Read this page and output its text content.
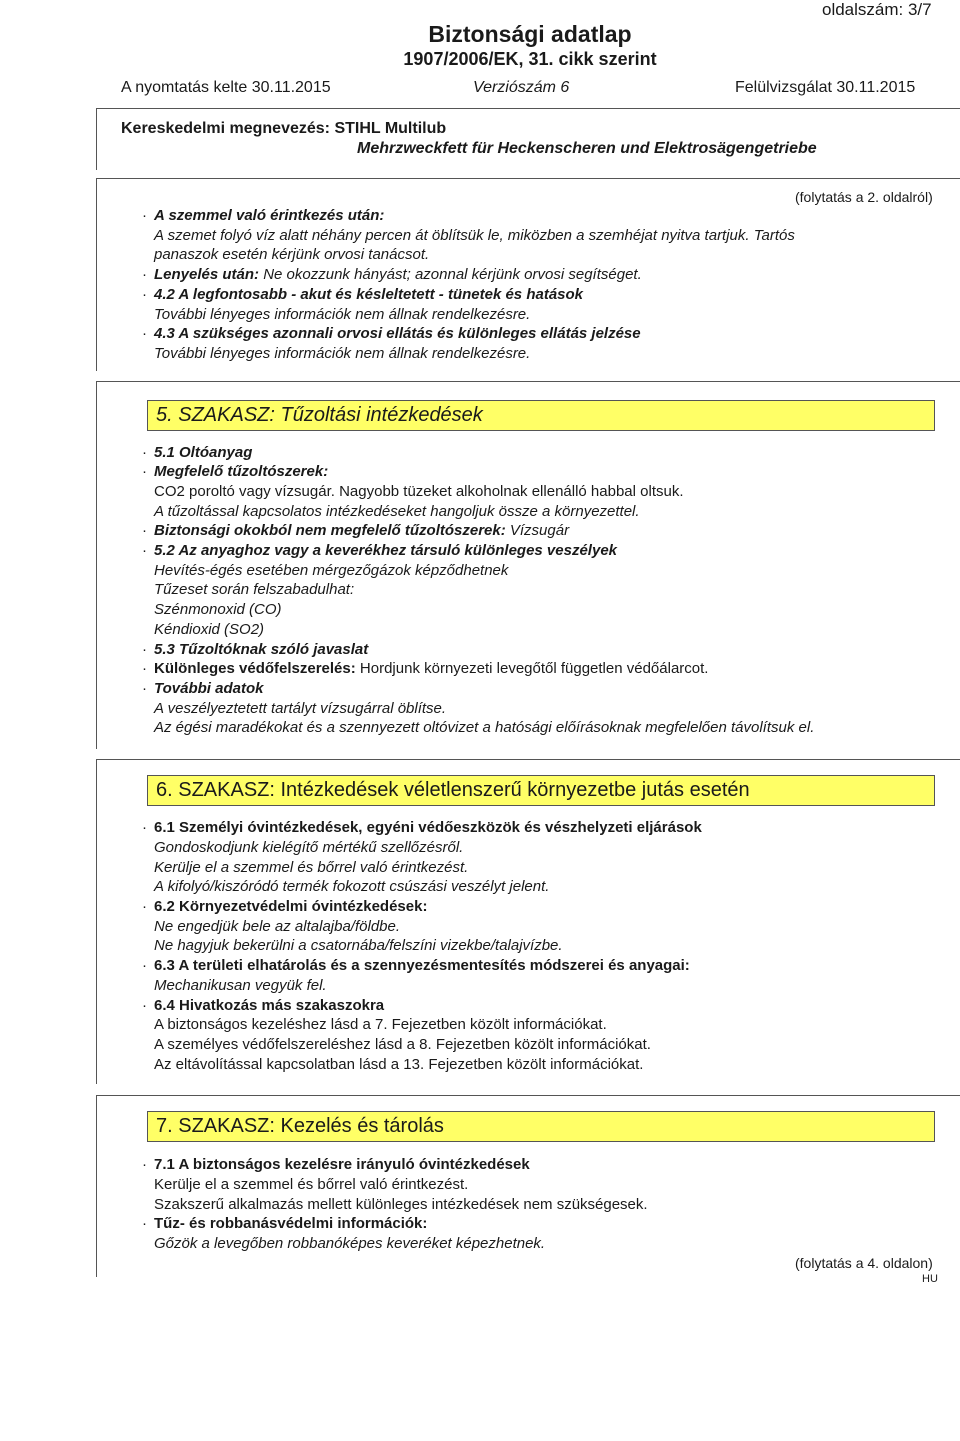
oldalszám: 3/7
Biztonsági adatlap
1907/2006/EK, 31. cikk szerint
A nyomtatás kelte 30.11.2015	Verziószám 6	Felülvizsgálat 30.11.2015
Kereskedelmi megnevezés: STIHL Multilub
Mehrzweckfett für Heckenscheren und Elektrosägengetriebe
(folytatás a 2. oldalról)
· A szemmel való érintkezés után:
A szemet folyó víz alatt néhány percen át öblítsük le, miközben a szemhéjat nyitva tartjuk. Tartós
panaszok esetén kérjünk orvosi tanácsot.
· Lenyelés után: Ne okozzunk hányást; azonnal kérjünk orvosi segítséget.
· 4.2 A legfontosabb - akut és késleltetett - tünetek és hatások
További lényeges információk nem állnak rendelkezésre.
· 4.3 A szükséges azonnali orvosi ellátás és különleges ellátás jelzése
További lényeges információk nem állnak rendelkezésre.
5. SZAKASZ: Tűzoltási intézkedések
· 5.1 Oltóanyag
· Megfelelő tűzoltószerek:
CO2 poroltó vagy vízsugár. Nagyobb tüzeket alkoholnak ellenálló habbal oltsuk.
A tűzoltással kapcsolatos intézkedéseket hangoljuk össze a környezettel.
· Biztonsági okokból nem megfelelő tűzoltószerek: Vízsugár
· 5.2 Az anyaghoz vagy a keverékhez társuló különleges veszélyek
Hevítés-égés esetében mérgezőgázok képződhetnek
Tűzeset során felszabadulhat:
Szénmonoxid (CO)
Kéndioxid (SO2)
· 5.3 Tűzoltóknak szóló javaslat
· Különleges védőfelszerelés: Hordjunk környezeti levegőtől független védőálarcot.
· További adatok
A veszélyeztetett tartályt vízsugárral öblítse.
Az égési maradékokat és a szennyezett oltóvizet a hatósági előírásoknak megfelelően távolítsuk el.
6. SZAKASZ: Intézkedések véletlenszerű környezetbe jutás esetén
· 6.1 Személyi óvintézkedések, egyéni védőeszközök és vészhelyzeti eljárások
Gondoskodjunk kielégítő mértékű szellőzésről.
Kerülje el a szemmel és bőrrel való érintkezést.
A kifolyó/kiszóródó termék fokozott csúszási veszélyt jelent.
· 6.2 Környezetvédelmi óvintézkedések:
Ne engedjük bele az altalajba/földbe.
Ne hagyjuk bekerülni a csatornába/felszíni vizekbe/talajvízbe.
· 6.3 A területi elhatárolás és a szennyezésmentesítés módszerei és anyagai:
Mechanikusan vegyük fel.
· 6.4 Hivatkozás más szakaszokra
A biztonságos kezeléshez lásd a 7. Fejezetben közölt információkat.
A személyes védőfelszereléshez lásd a 8. Fejezetben közölt információkat.
Az eltávolítással kapcsolatban lásd a 13. Fejezetben közölt információkat.
7. SZAKASZ: Kezelés és tárolás
· 7.1 A biztonságos kezelésre irányuló óvintézkedések
Kerülje el a szemmel és bőrrel való érintkezést.
Szakszerű alkalmazás mellett különleges intézkedések nem szükségesek.
· Tűz- és robbanásvédelmi információk:
Gőzök a levegőben robbanóképes keveréket képezhetnek.
(folytatás a 4. oldalon)
HU
